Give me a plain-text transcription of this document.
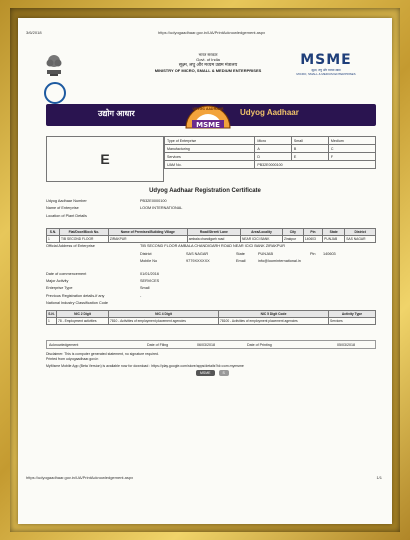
3/6/2018	https://udyogaadhaar.gov.in/UA/PrintAcknowledgement.aspx
भारत सरकार
Govt. of India
सूक्ष्म, लघु और मध्यम उद्यम मंत्रालय
MINISTRY OF MICRO, SMALL & MEDIUM ENTERPRISES
MSME
सूक्ष्म, लघु और मध्यम उद्यम
MICRO, SMALL & MEDIUM ENTERPRISES
उद्योग आधार
MSME
UDYOG AADHAAR Udyog Aadhaar
E
Type of Enterprise	Micro	Small	Medium
Manufacturing	A	B	C
Services	D	E	F
UAM No.	PB32E0000100		
Udyog Aadhaar Registration Certificate
Udyog Aadhaar Number	PB32E0000100
Name of Enterprise	LOOM INTERNATIONAL
Location of Plant Details
S.N.	Flat/Door/Block No.	Name of Premises/Building Village	Road/Street/ Lane	Area/Locality	City	Pin	State	District
1	TIB SECOND FLOOR	ZIRAKPUR	ambala chandigarh road	NEAR ICICI BANK	Zirakpur	140603	PUNJAB	SAS NAGAR
Official Address of Enterprise	TIB SECOND FLOOR AMBALA CHANDIGARH ROAD NEAR ICICI BANK ZIRAKPUR
District	SAS NAGAR	State	PUNJAB	Pin 140603
Mobile No	9779XXXXXX	Email	info@loominternational.in
Date of commencement	01/01/2016
Major Activity	SERVICES
Enterprise Type	Small
Previous Registration details-if any	-
National Industry Classification Code
S.N.	NIC 2 Digit	NIC 4 Digit	NIC 5 Digit Code	Activity Type
1	78 - Employment activities	7810 - Activities of employment placement agencies	78100 - Activities of employment placement agencies	Services
Acknowledgement	Date of Filing	06/03/2018	Date of Printing	05/03/2018
Disclaimer: This is computer generated statement, no signature required.
Printed from udyogaadhaar.gov.in
MyMsme Mobile App (Beta Version) is available now for download : https://play.google.com/store/apps/details?id=com.mymsme
MSME	S
https://udyogaadhaar.gov.in/UA/PrintAcknowledgement.aspx	1/1
